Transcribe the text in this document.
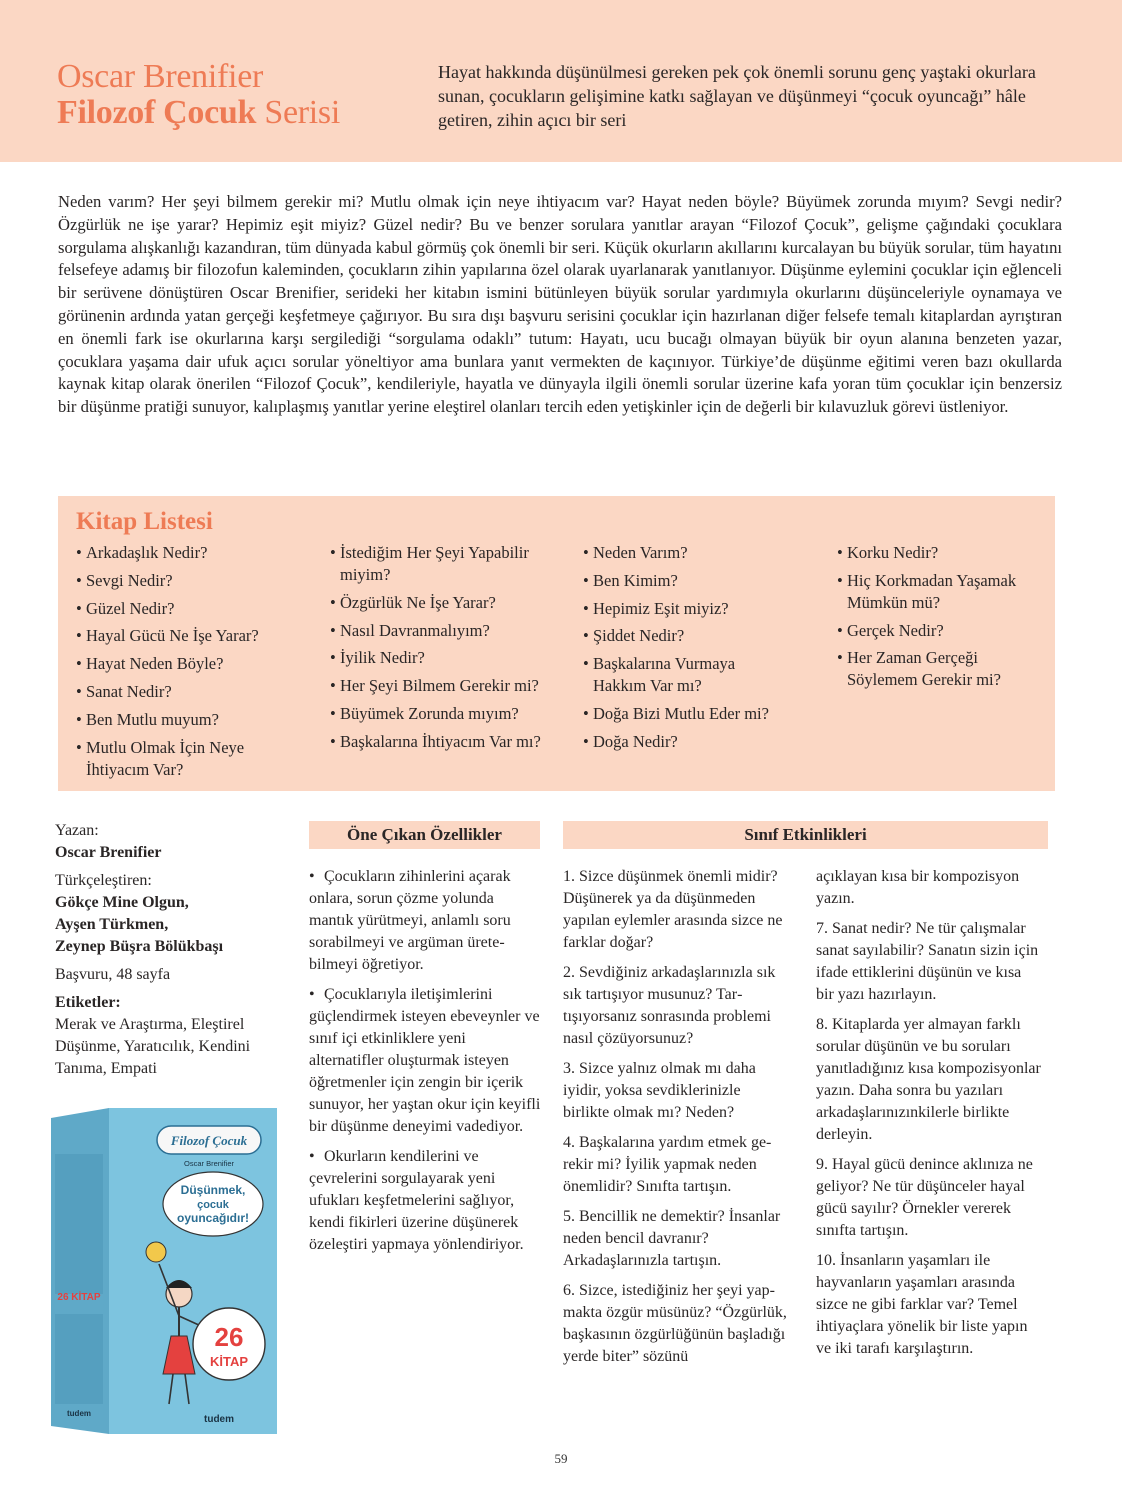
Oscar Brenifier
Filozof Çocuk Serisi
Hayat hakkında düşünülmesi gereken pek çok önemli sorunu genç yaştaki okurlara sunan, çocukların gelişimine katkı sağlayan ve düşünmeyi “çocuk oyuncağı” hâle getiren, zihin açıcı bir seri
Neden varım? Her şeyi bilmem gerekir mi? Mutlu olmak için neye ihtiyacım var? Hayat neden böyle? Büyümek zorunda mıyım? Sevgi nedir? Özgürlük ne işe yarar? Hepimiz eşit miyiz? Güzel nedir? Bu ve benzer sorulara yanıtlar arayan “Filozof Çocuk”, gelişme çağındaki çocuklara sorgulama alışkanlığı kazandıran, tüm dünyada kabul görmüş çok önemli bir seri. Küçük okurların akıllarını kurcalayan bu büyük sorular, tüm hayatını felsefeye adamış bir filozofun kaleminden, çocukların zihin yapılarına özel olarak uyarlanarak yanıtlanıyor. Düşünme eylemini çocuklar için eğlenceli bir serüvene dönüştüren Oscar Brenifier, serideki her kitabın ismini bütünleyen büyük sorular yardımıyla okurlarını düşünceleriyle oynamaya ve görünenin ardında yatan gerçeği keşfetmeye çağırıyor. Bu sıra dışı başvuru serisini çocuklar için hazırlanan diğer felsefe temalı kitaplardan ayrıştıran en önemli fark ise okurlarına karşı sergilediği “sorgulama odaklı” tutum: Hayatı, ucu bucağı olmayan büyük bir oyun alanına benzeten yazar, çocuklara yaşama dair ufuk açıcı sorular yöneltiyor ama bunlara yanıt vermekten de kaçınıyor. Türkiye’de düşünme eğitimi veren bazı okullarda kaynak kitap olarak önerilen “Filozof Çocuk”, kendileriyle, hayatla ve dünyayla ilgili önemli sorular üzerine kafa yoran tüm çocuklar için benzersiz bir düşünme pratiği sunuyor, kalıplaşmış yanıtlar yerine eleştirel olanları tercih eden yetişkinler için de değerli bir kılavuzluk görevi üstleniyor.
Kitap Listesi
• Arkadaşlık Nedir?
• Sevgi Nedir?
• Güzel Nedir?
• Hayal Gücü Ne İşe Yarar?
• Hayat Neden Böyle?
• Sanat Nedir?
• Ben Mutlu muyum?
• Mutlu Olmak İçin Neye İhtiyacım Var?
• İstediğim Her Şeyi Yapabilir miyim?
• Özgürlük Ne İşe Yarar?
• Nasıl Davranmalıyım?
• İyilik Nedir?
• Her Şeyi Bilmem Gerekir mi?
• Büyümek Zorunda mıyım?
• Başkalarına İhtiyacım Var mı?
• Neden Varım?
• Ben Kimim?
• Hepimiz Eşit miyiz?
• Şiddet Nedir?
• Başkalarına Vurmaya Hakkım Var mı?
• Doğa Bizi Mutlu Eder mi?
• Doğa Nedir?
• Korku Nedir?
• Hiç Korkmadan Yaşamak Mümkün mü?
• Gerçek Nedir?
• Her Zaman Gerçeği Söylemem Gerekir mi?
Yazan:
Oscar Brenifier
Türkçeleştiren:
Gökçe Mine Olgun,
Ayşen Türkmen,
Zeynep Büşra Bölükbaşı
Başvuru, 48 sayfa
Etiketler:
Merak ve Araştırma, Eleştirel Düşünme, Yaratıcılık, Kendini Tanıma, Empati
Filozof Çocuk
Oscar Brenifier
Düşünmek,
çocuk
oyuncağıdır!
26
KİTAP
26 KİTAP
tudem
tudem
Öne Çıkan Özellikler	Sınıf Etkinlikleri
• Çocukların zihinlerini açarak onlara, sorun çözme yolunda mantık yürütmeyi, anlamlı soru sorabilmeyi ve argüman üretebilmeyi öğretiyor.
• Çocuklarıyla iletişimlerini güçlendirmek isteyen ebeveynler ve sınıf içi etkinliklere yeni alternatifler oluşturmak isteyen öğretmenler için zengin bir içerik sunuyor, her yaştan okur için keyifli bir düşünme deneyimi vadediyor.
• Okurların kendilerini ve çevrelerini sorgulayarak yeni ufukları keşfetmelerini sağlıyor, kendi fikirleri üzerine düşünerek özeleştiri yapmaya yönlendiriyor.

1. Sizce düşünmek önemli midir? Düşünerek ya da düşünmeden yapılan eylemler arasında sizce ne farklar doğar?

2. Sevdiğiniz arkadaşlarınızla sık sık tartışıyor musunuz? Tartışıyorsanız sonrasında problemi nasıl çözüyorsunuz?

3. Sizce yalnız olmak mı daha iyidir, yoksa sevdiklerinizle birlikte olmak mı? Neden?

4. Başkalarına yardım etmek gerekir mi? İyilik yapmak neden önemlidir? Sınıfta tartışın.

5. Bencillik ne demektir? İnsanlar neden bencil davranır? Arkadaşlarınızla tartışın.

6. Sizce, istediğiniz her şeyi yapmakta özgür müsünüz? “Özgürlük, başkasının özgürlüğünün başladığı yerde biter” sözünü

açıklayan kısa bir kompozisyon yazın.

7. Sanat nedir? Ne tür çalışmalar sanat sayılabilir? Sanatın sizin için ifade ettiklerini düşünün ve kısa bir yazı hazırlayın.

8. Kitaplarda yer almayan farklı sorular düşünün ve bu soruları yanıtladığınız kısa kompozisyonlar yazın. Daha sonra bu yazıları arkadaşlarınızınkilerle birlikte derleyin.

9. Hayal gücü denince aklınıza ne geliyor? Ne tür düşünceler hayal gücü sayılır? Örnekler vererek sınıfta tartışın.

10. İnsanların yaşamları ile hayvanların yaşamları arasında sizce ne gibi farklar var? Temel ihtiyaçlara yönelik bir liste yapın ve iki tarafı karşılaştırın.

59
